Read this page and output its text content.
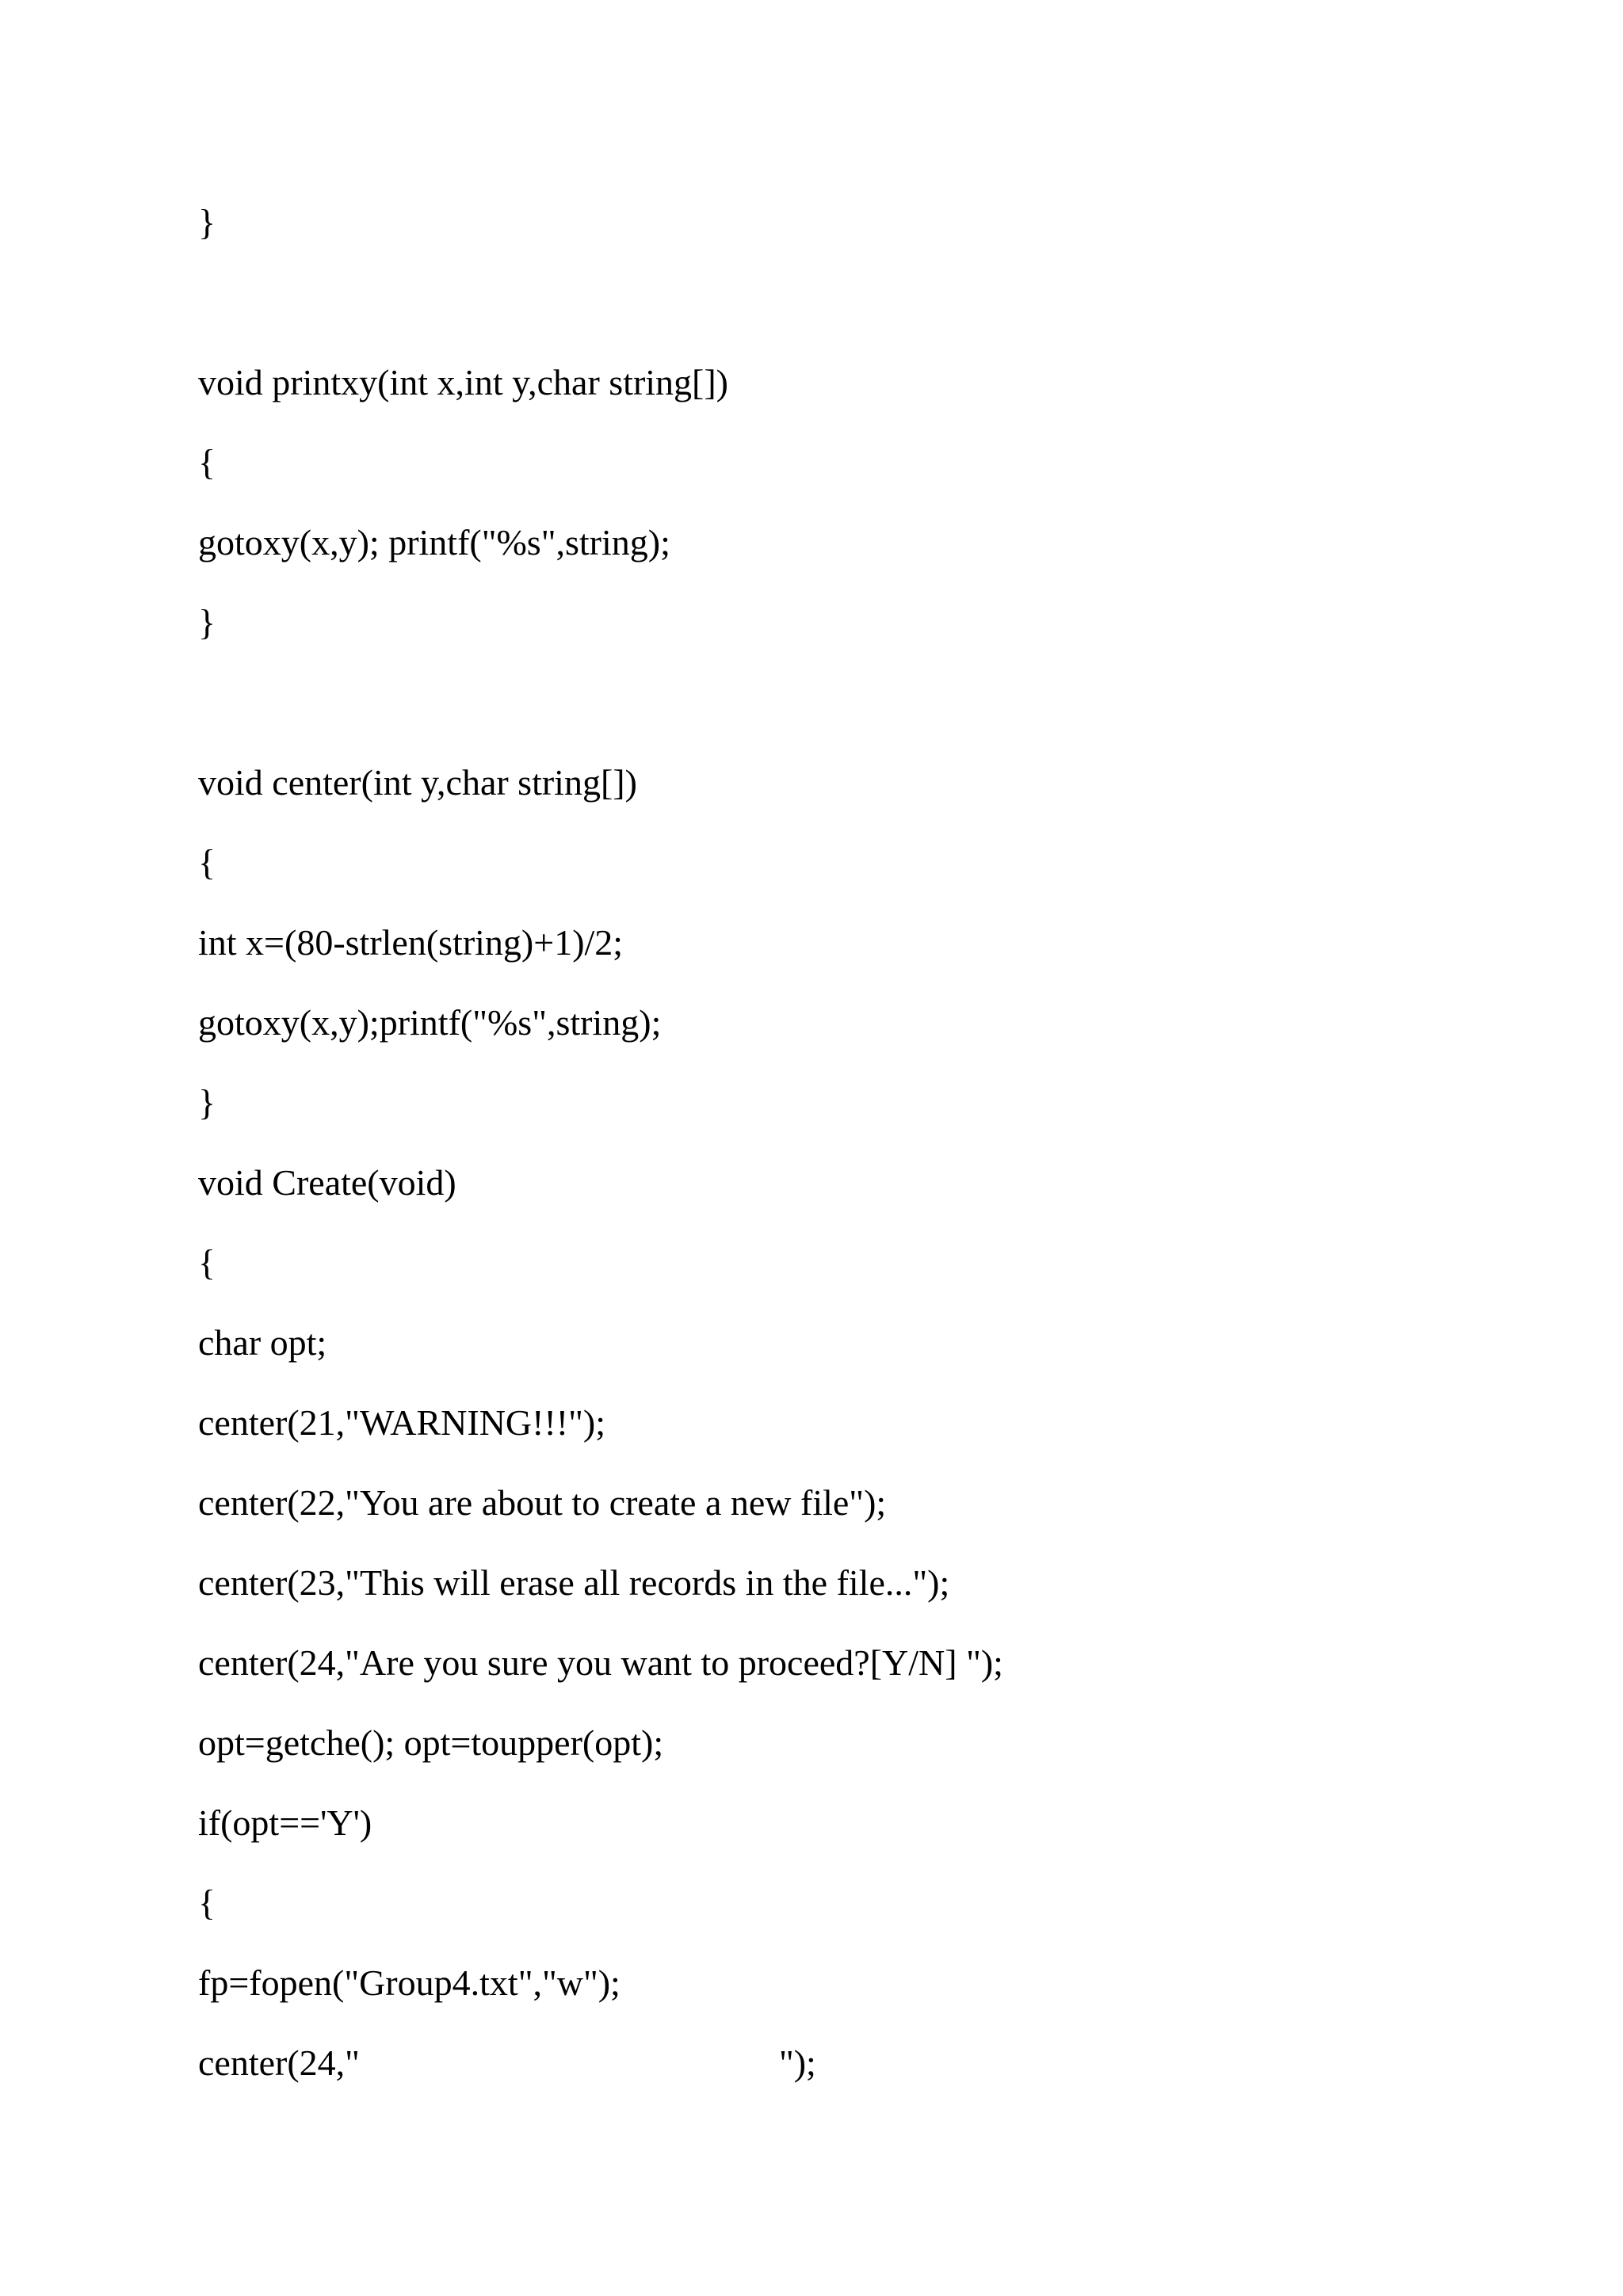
}
void printxy(int x,int y,char string[])
{
gotoxy(x,y); printf("%s",string);
}
void center(int y,char string[])
{
int x=(80-strlen(string)+1)/2;
gotoxy(x,y);printf("%s",string);
}
void Create(void)
{
char opt;
center(21,"WARNING!!!");
center(22,"You are about to create a new file");
center(23,"This will erase all records in the file...");
center(24,"Are you sure you want to proceed?[Y/N] ");
opt=getche(); opt=toupper(opt);
if(opt=='Y')
{
fp=fopen("Group4.txt","w");
center(24,"                                              ");
